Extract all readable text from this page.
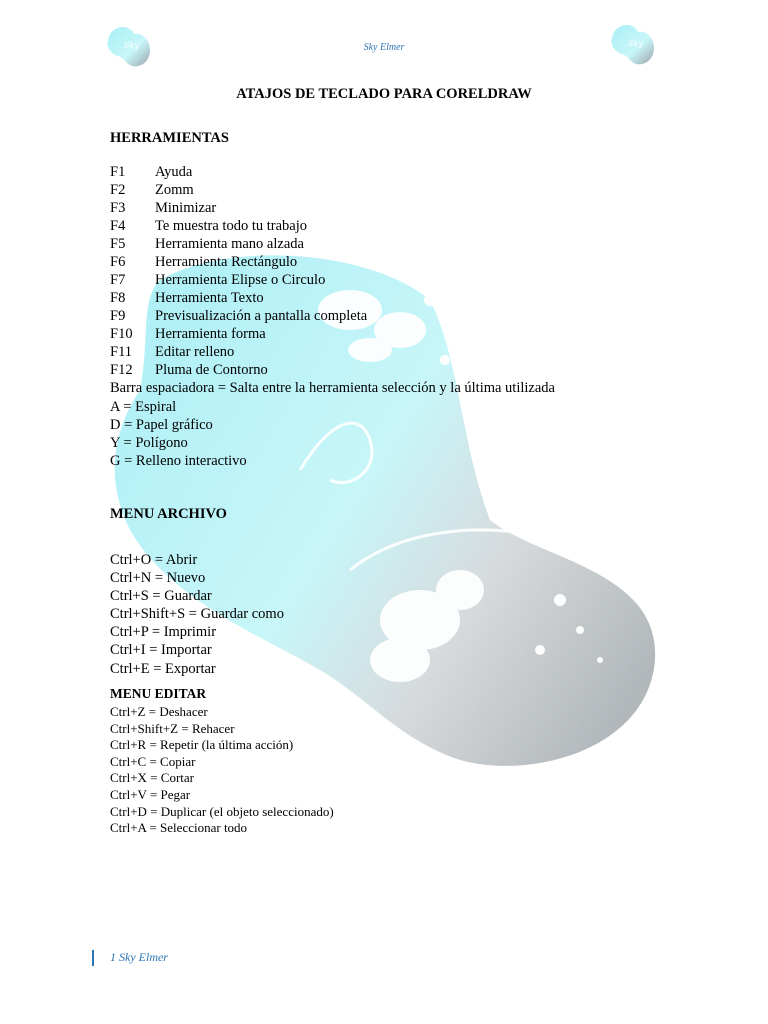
Sky Elmer
Sky	Sky
ATAJOS DE TECLADO PARA CORELDRAW
HERRAMIENTAS
F1 Ayuda
F2 Zomm
F3 Minimizar
F4 Te muestra todo tu trabajo
F5 Herramienta mano alzada
F6 Herramienta Rectángulo
F7 Herramienta Elipse o Circulo
F8 Herramienta Texto
F9 Previsualización a pantalla completa
F10 Herramienta forma
F11 Editar relleno
F12 Pluma de Contorno
Barra espaciadora = Salta entre la herramienta selección y la última utilizada
A = Espiral
D = Papel gráfico
Y = Polígono
G = Relleno interactivo
MENU ARCHIVO
Ctrl+O = Abrir
Ctrl+N = Nuevo
Ctrl+S = Guardar
Ctrl+Shift+S = Guardar como
Ctrl+P = Imprimir
Ctrl+I = Importar
Ctrl+E = Exportar
MENU EDITAR
Ctrl+Z = Deshacer
Ctrl+Shift+Z = Rehacer
Ctrl+R = Repetir (la última acción)
Ctrl+C = Copiar
Ctrl+X = Cortar
Ctrl+V = Pegar
Ctrl+D = Duplicar (el objeto seleccionado)
Ctrl+A = Seleccionar todo
1 Sky Elmer
